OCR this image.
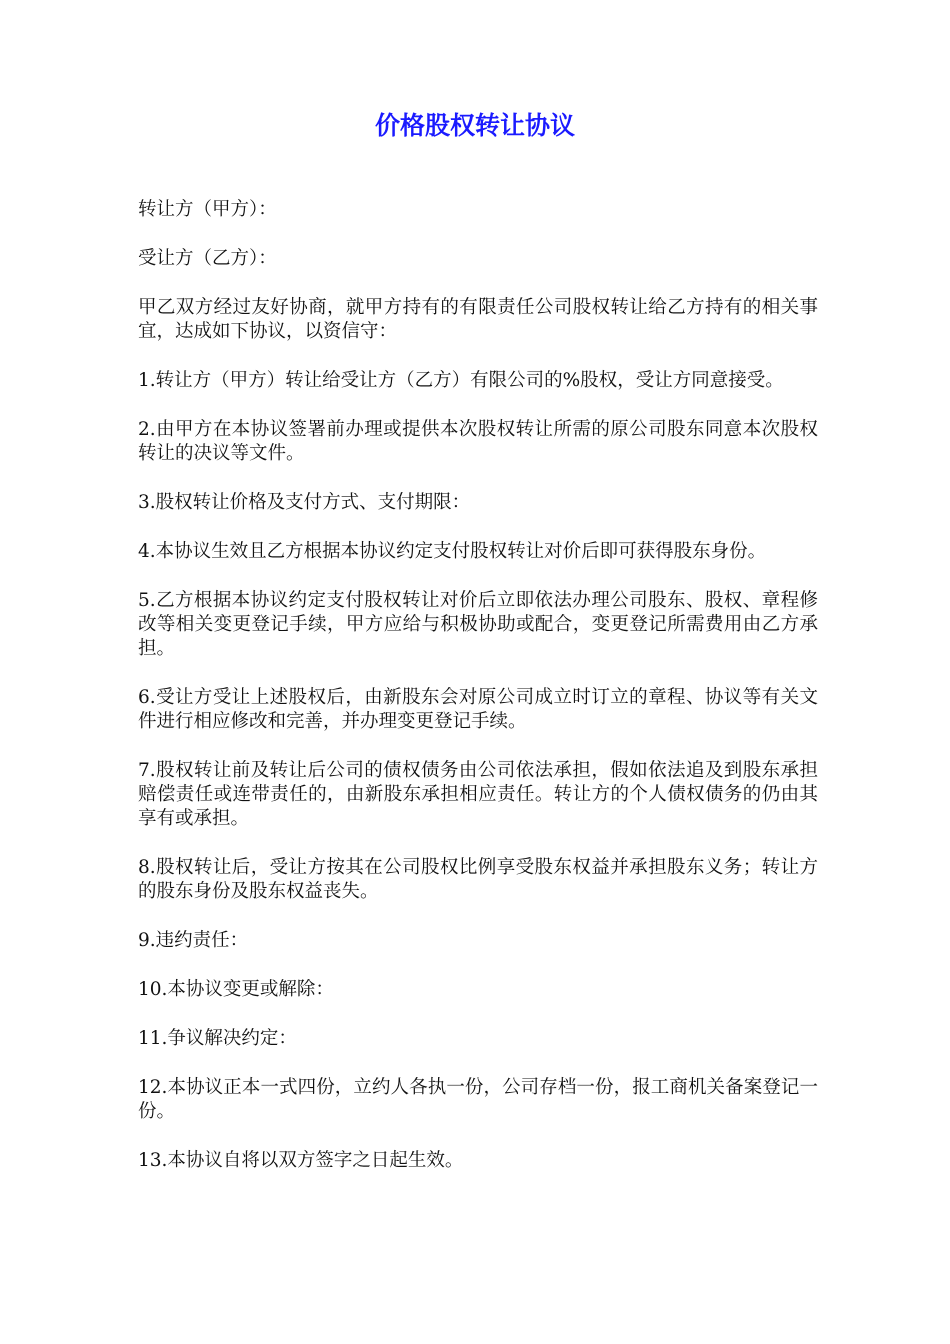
价格股权转让协议

转让方（甲方）：

受让方（乙方）：

甲乙双方经过友好协商，就甲方持有的有限责任公司股权转让给乙方持有的相关事宜，达成如下协议，以资信守：

1.转让方（甲方）转让给受让方（乙方）有限公司的%股权，受让方同意接受。

2.由甲方在本协议签署前办理或提供本次股权转让所需的原公司股东同意本次股权转让的决议等文件。

3.股权转让价格及支付方式、支付期限：

4.本协议生效且乙方根据本协议约定支付股权转让对价后即可获得股东身份。

5.乙方根据本协议约定支付股权转让对价后立即依法办理公司股东、股权、章程修改等相关变更登记手续，甲方应给与积极协助或配合，变更登记所需费用由乙方承担。

6.受让方受让上述股权后，由新股东会对原公司成立时订立的章程、协议等有关文件进行相应修改和完善，并办理变更登记手续。

7.股权转让前及转让后公司的债权债务由公司依法承担，假如依法追及到股东承担赔偿责任或连带责任的，由新股东承担相应责任。转让方的个人债权债务的仍由其享有或承担。

8.股权转让后，受让方按其在公司股权比例享受股东权益并承担股东义务；转让方的股东身份及股东权益丧失。

9.违约责任：

10.本协议变更或解除：

11.争议解决约定：

12.本协议正本一式四份，立约人各执一份，公司存档一份，报工商机关备案登记一份。

13.本协议自将以双方签字之日起生效。
